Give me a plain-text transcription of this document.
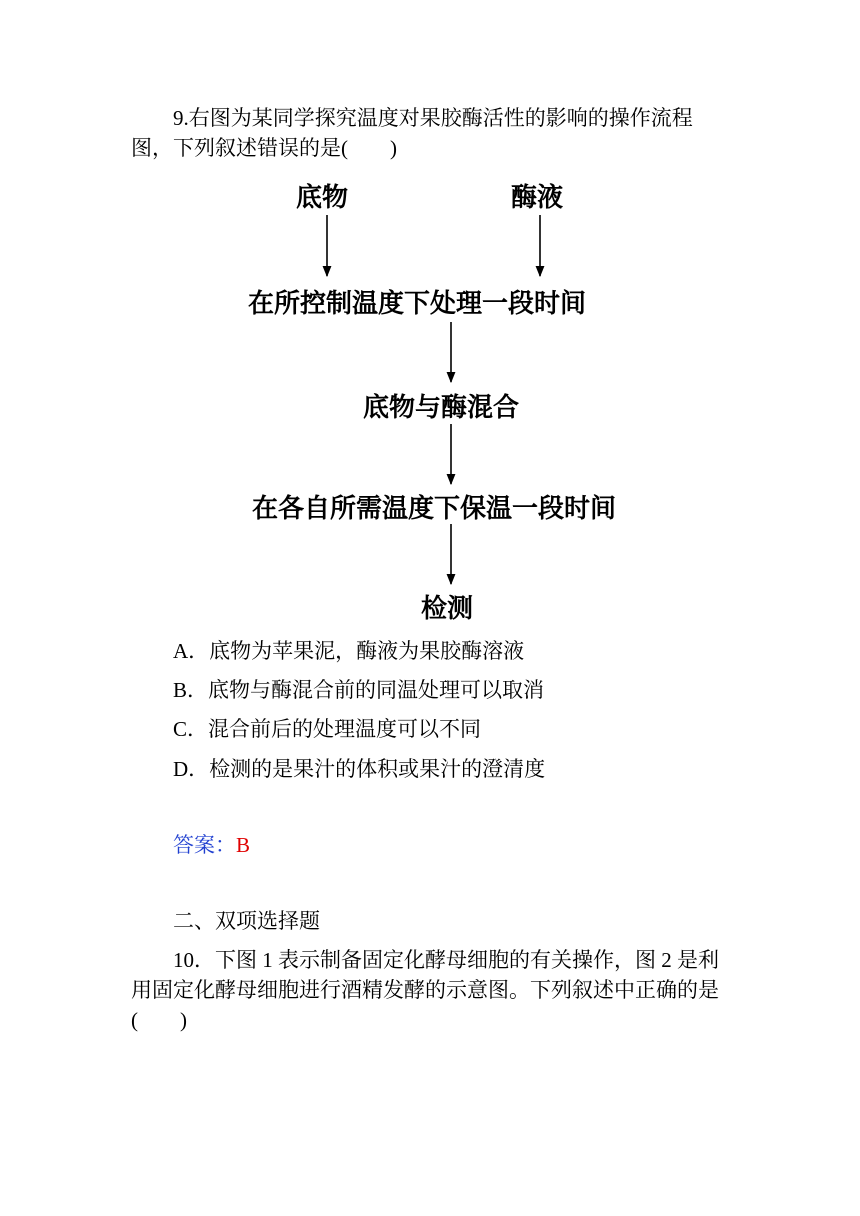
9.右图为某同学探究温度对果胶酶活性的影响的操作流程
图，下列叙述错误的是(　　)
底物	酶液
在所控制温度下处理一段时间
底物与酶混合
在各自所需温度下保温一段时间
检测
A．底物为苹果泥，酶液为果胶酶溶液
B．底物与酶混合前的同温处理可以取消
C．混合前后的处理温度可以不同
D．检测的是果汁的体积或果汁的澄清度
答案：B
二、双项选择题
10．下图 1 表示制备固定化酵母细胞的有关操作，图 2 是利
用固定化酵母细胞进行酒精发酵的示意图。下列叙述中正确的是
(　　)
